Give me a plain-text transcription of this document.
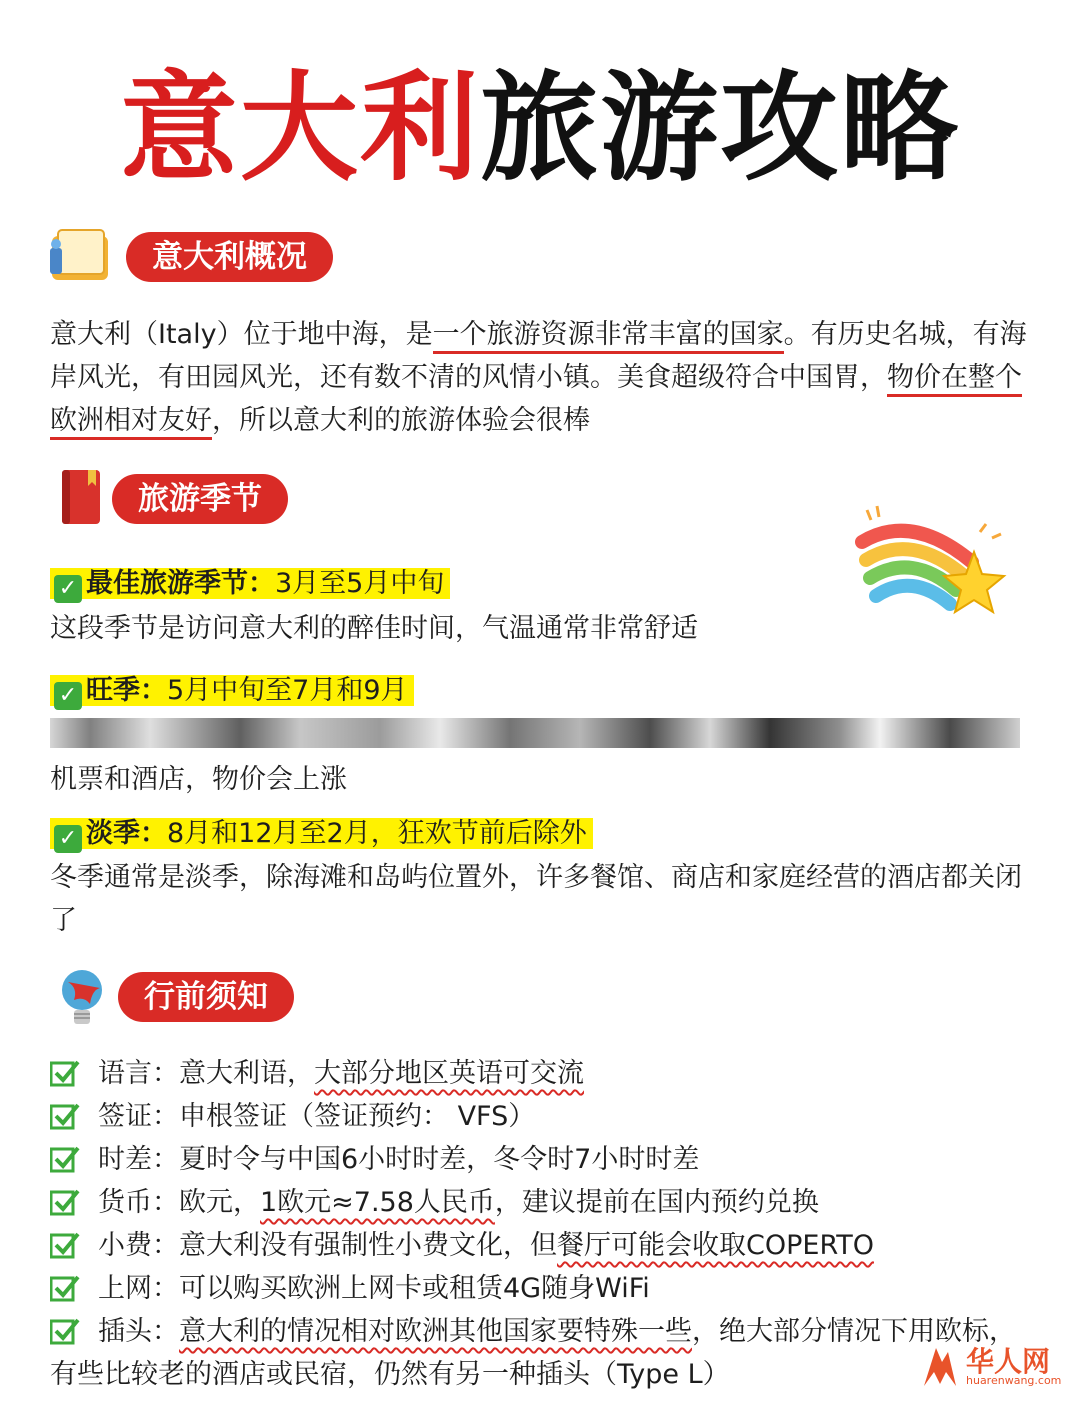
意大利旅游攻略
意大利概况
意大利（Italy）位于地中海，是一个旅游资源非常丰富的国家。有历史名城，有海岸风光，有田园风光，还有数不清的风情小镇。美食超级符合中国胃，物价在整个欧洲相对友好，所以意大利的旅游体验会很棒
旅游季节
✓ 最佳旅游季节：3月至5月中旬
这段季节是访问意大利的醉佳时间，气温通常非常舒适
✓ 旺季：5月中旬至7月和9月
机票和酒店，物价会上涨
✓ 淡季：8月和12月至2月，狂欢节前后除外
冬季通常是淡季，除海滩和岛屿位置外，许多餐馆、商店和家庭经营的酒店都关闭了
行前须知
语言：意大利语，大部分地区英语可交流
签证：申根签证（签证预约： VFS）
时差：夏时令与中国6小时时差，冬令时7小时时差
货币：欧元，1欧元≈7.58人民币，建议提前在国内预约兑换
小费：意大利没有强制性小费文化，但餐厅可能会收取COPERTO
上网：可以购买欧洲上网卡或租赁4G随身WiFi
插头：意大利的情况相对欧洲其他国家要特殊一些，绝大部分情况下用欧标，有些比较老的酒店或民宿，仍然有另一种插头（Type L）	华人网
huarenwang.com
